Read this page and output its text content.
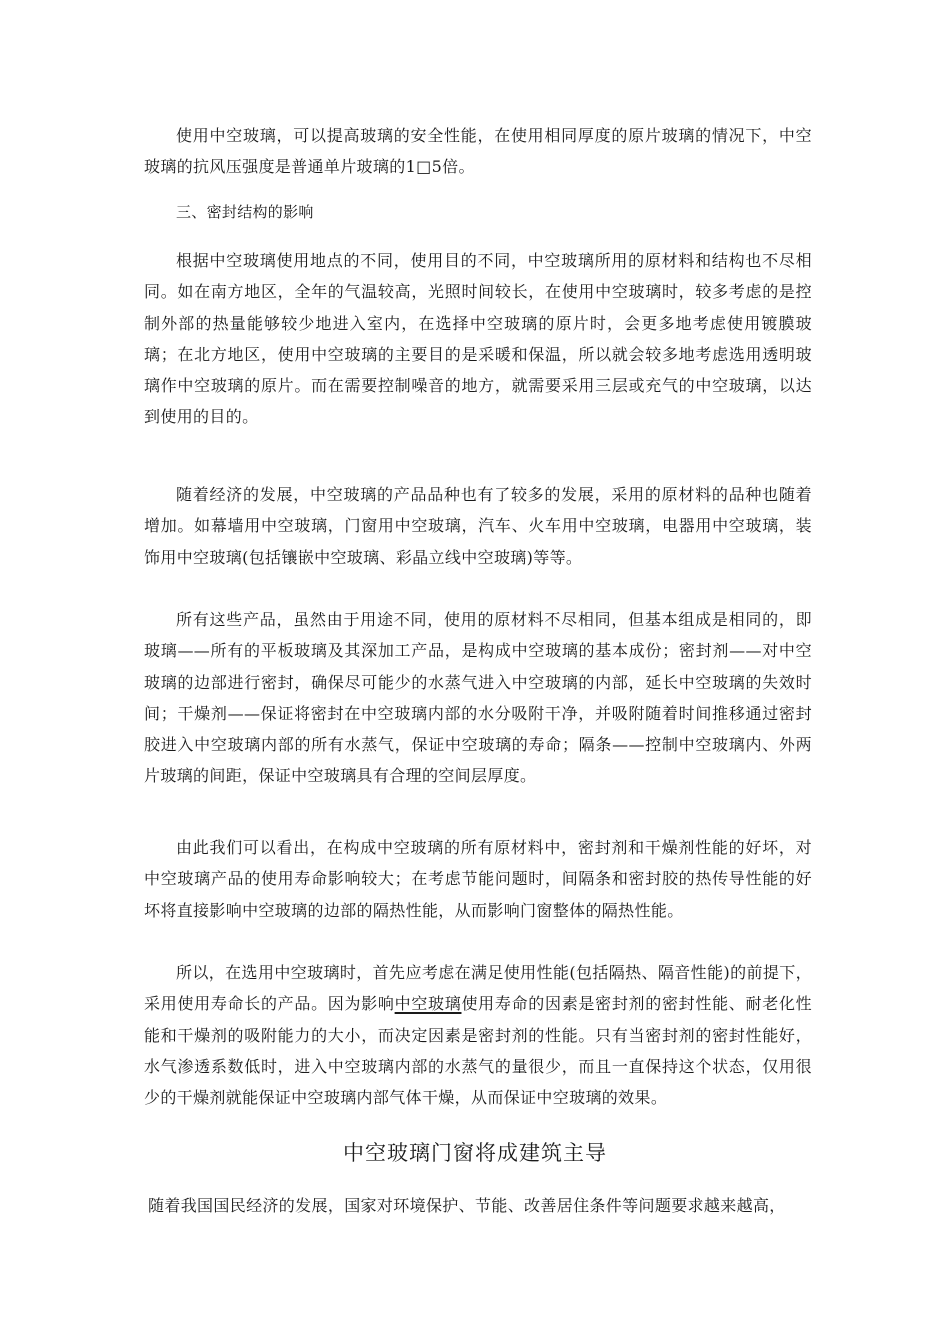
使用中空玻璃，可以提高玻璃的安全性能，在使用相同厚度的原片玻璃的情况下，中空玻璃的抗风压强度是普通单片玻璃的1□5倍。

三、密封结构的影响

根据中空玻璃使用地点的不同，使用目的不同，中空玻璃所用的原材料和结构也不尽相同。如在南方地区，全年的气温较高，光照时间较长，在使用中空玻璃时，较多考虑的是控制外部的热量能够较少地进入室内，在选择中空玻璃的原片时，会更多地考虑使用镀膜玻璃；在北方地区，使用中空玻璃的主要目的是采暖和保温，所以就会较多地考虑选用透明玻璃作中空玻璃的原片。而在需要控制噪音的地方，就需要采用三层或充气的中空玻璃，以达到使用的目的。

随着经济的发展，中空玻璃的产品品种也有了较多的发展，采用的原材料的品种也随着增加。如幕墙用中空玻璃，门窗用中空玻璃，汽车、火车用中空玻璃，电器用中空玻璃，装饰用中空玻璃(包括镶嵌中空玻璃、彩晶立线中空玻璃)等等。

所有这些产品，虽然由于用途不同，使用的原材料不尽相同，但基本组成是相同的，即玻璃——所有的平板玻璃及其深加工产品，是构成中空玻璃的基本成份；密封剂——对中空玻璃的边部进行密封，确保尽可能少的水蒸气进入中空玻璃的内部，延长中空玻璃的失效时间；干燥剂——保证将密封在中空玻璃内部的水分吸附干净，并吸附随着时间推移通过密封胶进入中空玻璃内部的所有水蒸气，保证中空玻璃的寿命；隔条——控制中空玻璃内、外两片玻璃的间距，保证中空玻璃具有合理的空间层厚度。

由此我们可以看出，在构成中空玻璃的所有原材料中，密封剂和干燥剂性能的好坏，对中空玻璃产品的使用寿命影响较大；在考虑节能问题时，间隔条和密封胶的热传导性能的好坏将直接影响中空玻璃的边部的隔热性能，从而影响门窗整体的隔热性能。

所以，在选用中空玻璃时，首先应考虑在满足使用性能(包括隔热、隔音性能)的前提下，采用使用寿命长的产品。因为影响中空玻璃使用寿命的因素是密封剂的密封性能、耐老化性能和干燥剂的吸附能力的大小，而决定因素是密封剂的性能。只有当密封剂的密封性能好，水气渗透系数低时，进入中空玻璃内部的水蒸气的量很少，而且一直保持这个状态，仅用很少的干燥剂就能保证中空玻璃内部气体干燥，从而保证中空玻璃的效果。

中空玻璃门窗将成建筑主导

随着我国国民经济的发展，国家对环境保护、节能、改善居住条件等问题要求越来越高，
